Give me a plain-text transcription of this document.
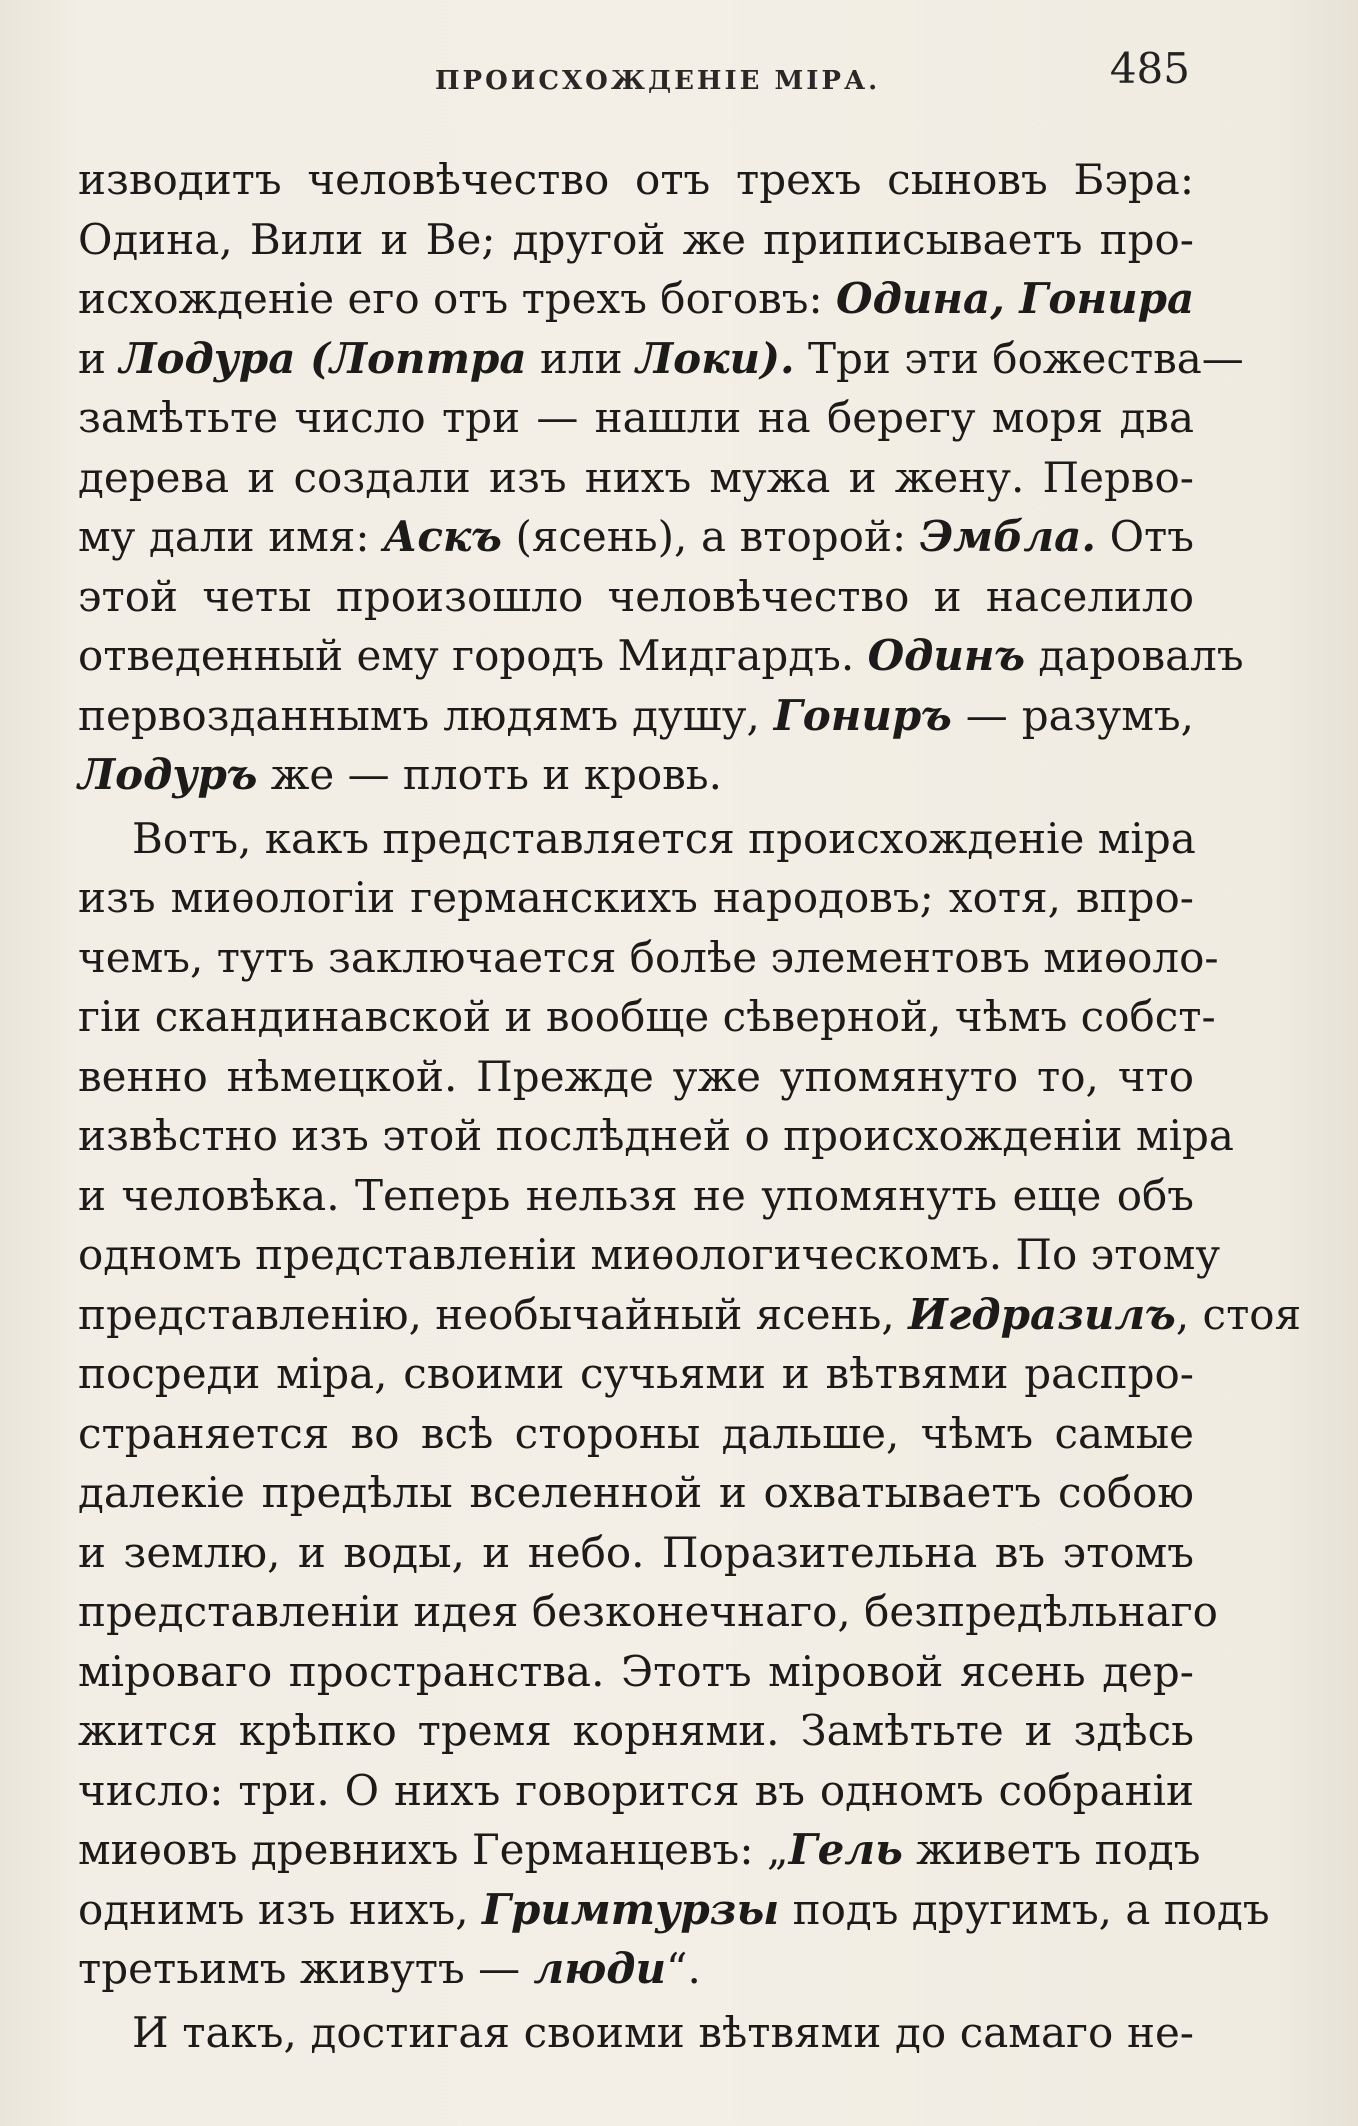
ПРОИСХОЖДЕНІЕ МІРА.	485
изводитъ человѣчество отъ трехъ сыновъ Бэра:
Одина, Вили и Ве; другой же приписываетъ про-
исхожденіе его отъ трехъ боговъ: Одина, Гонира
и Лодура (Лоптра или Локи). Три эти божества—
замѣтьте число три — нашли на берегу моря два
дерева и создали изъ нихъ мужа и жену. Перво-
му дали имя: Аскъ (ясень), а второй: Эмбла. Отъ
этой четы произошло человѣчество и населило
отведенный ему городъ Мидгардъ. Одинъ даровалъ
первозданнымъ людямъ душу, Гониръ — разумъ,
Лодуръ же — плоть и кровь.
Вотъ, какъ представляется происхожденіе міра
изъ миѳологіи германскихъ народовъ; хотя, впро-
чемъ, тутъ заключается болѣе элементовъ миѳоло-
гіи скандинавской и вообще сѣверной, чѣмъ собст-
венно нѣмецкой. Прежде уже упомянуто то, что
извѣстно изъ этой послѣдней о происхожденіи міра
и человѣка. Теперь нельзя не упомянуть еще объ
одномъ представленіи миѳологическомъ. По этому
представленію, необычайный ясень, Игдразилъ, стоя
посреди міра, своими сучьями и вѣтвями распро-
страняется во всѣ стороны дальше, чѣмъ самые
далекіе предѣлы вселенной и охватываетъ собою
и землю, и воды, и небо. Поразительна въ этомъ
представленіи идея безконечнаго, безпредѣльнаго
міроваго пространства. Этотъ міровой ясень дер-
жится крѣпко тремя корнями. Замѣтьте и здѣсь
число: три. О нихъ говорится въ одномъ собраніи
миѳовъ древнихъ Германцевъ: „Гель живетъ подъ
однимъ изъ нихъ, Гримтурзы подъ другимъ, а подъ
третьимъ живутъ — люди“.
И такъ, достигая своими вѣтвями до самаго не-
